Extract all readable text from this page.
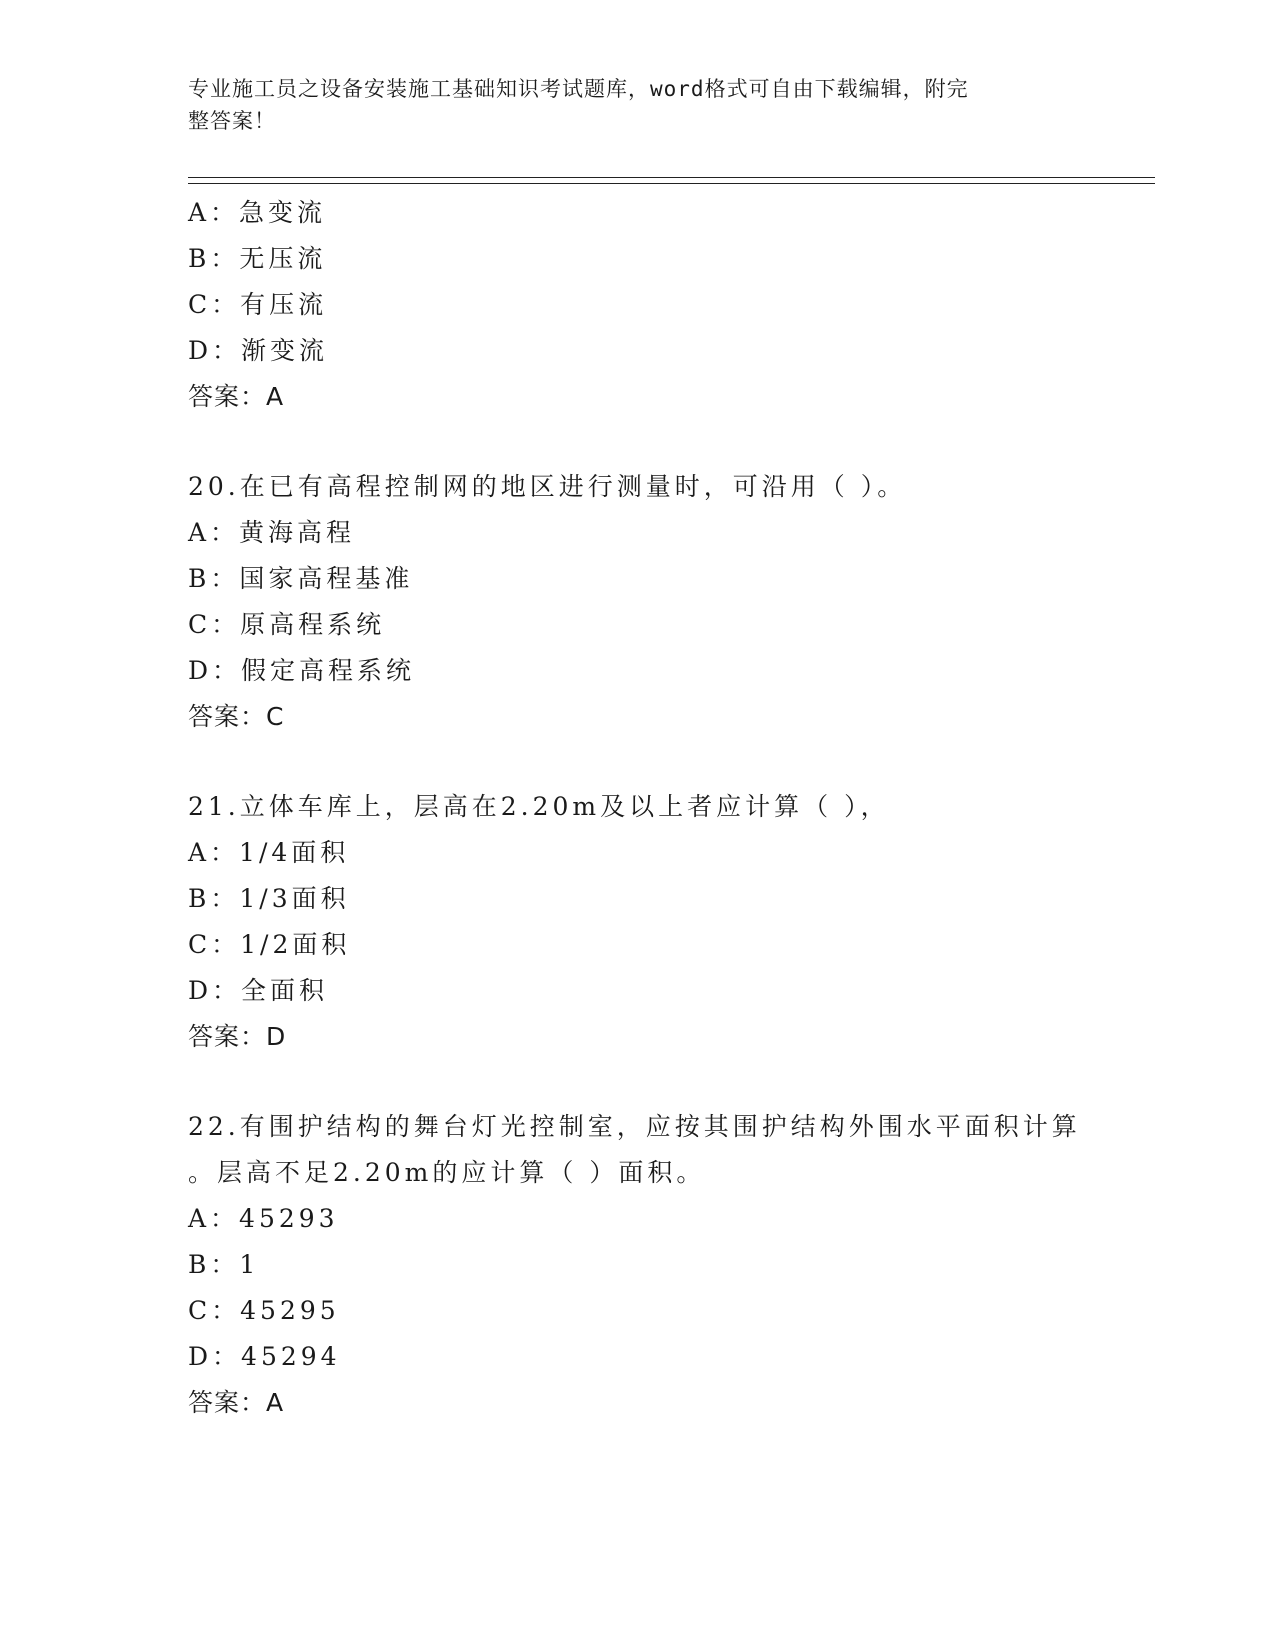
专业施工员之设备安装施工基础知识考试题库，word格式可自由下载编辑，附完
整答案！
A：急变流
B：无压流
C：有压流
D：渐变流
答案：A
20.在已有高程控制网的地区进行测量时，可沿用（ ）。
A：黄海高程
B：国家高程基准
C：原高程系统
D：假定高程系统
答案：C
21.立体车库上，层高在2.20m及以上者应计算（ ），
A：1/4面积
B：1/3面积
C：1/2面积
D：全面积
答案：D
22.有围护结构的舞台灯光控制室，应按其围护结构外围水平面积计算
。层高不足2.20m的应计算（ ）面积。
A：45293
B：1
C：45295
D：45294
答案：A
